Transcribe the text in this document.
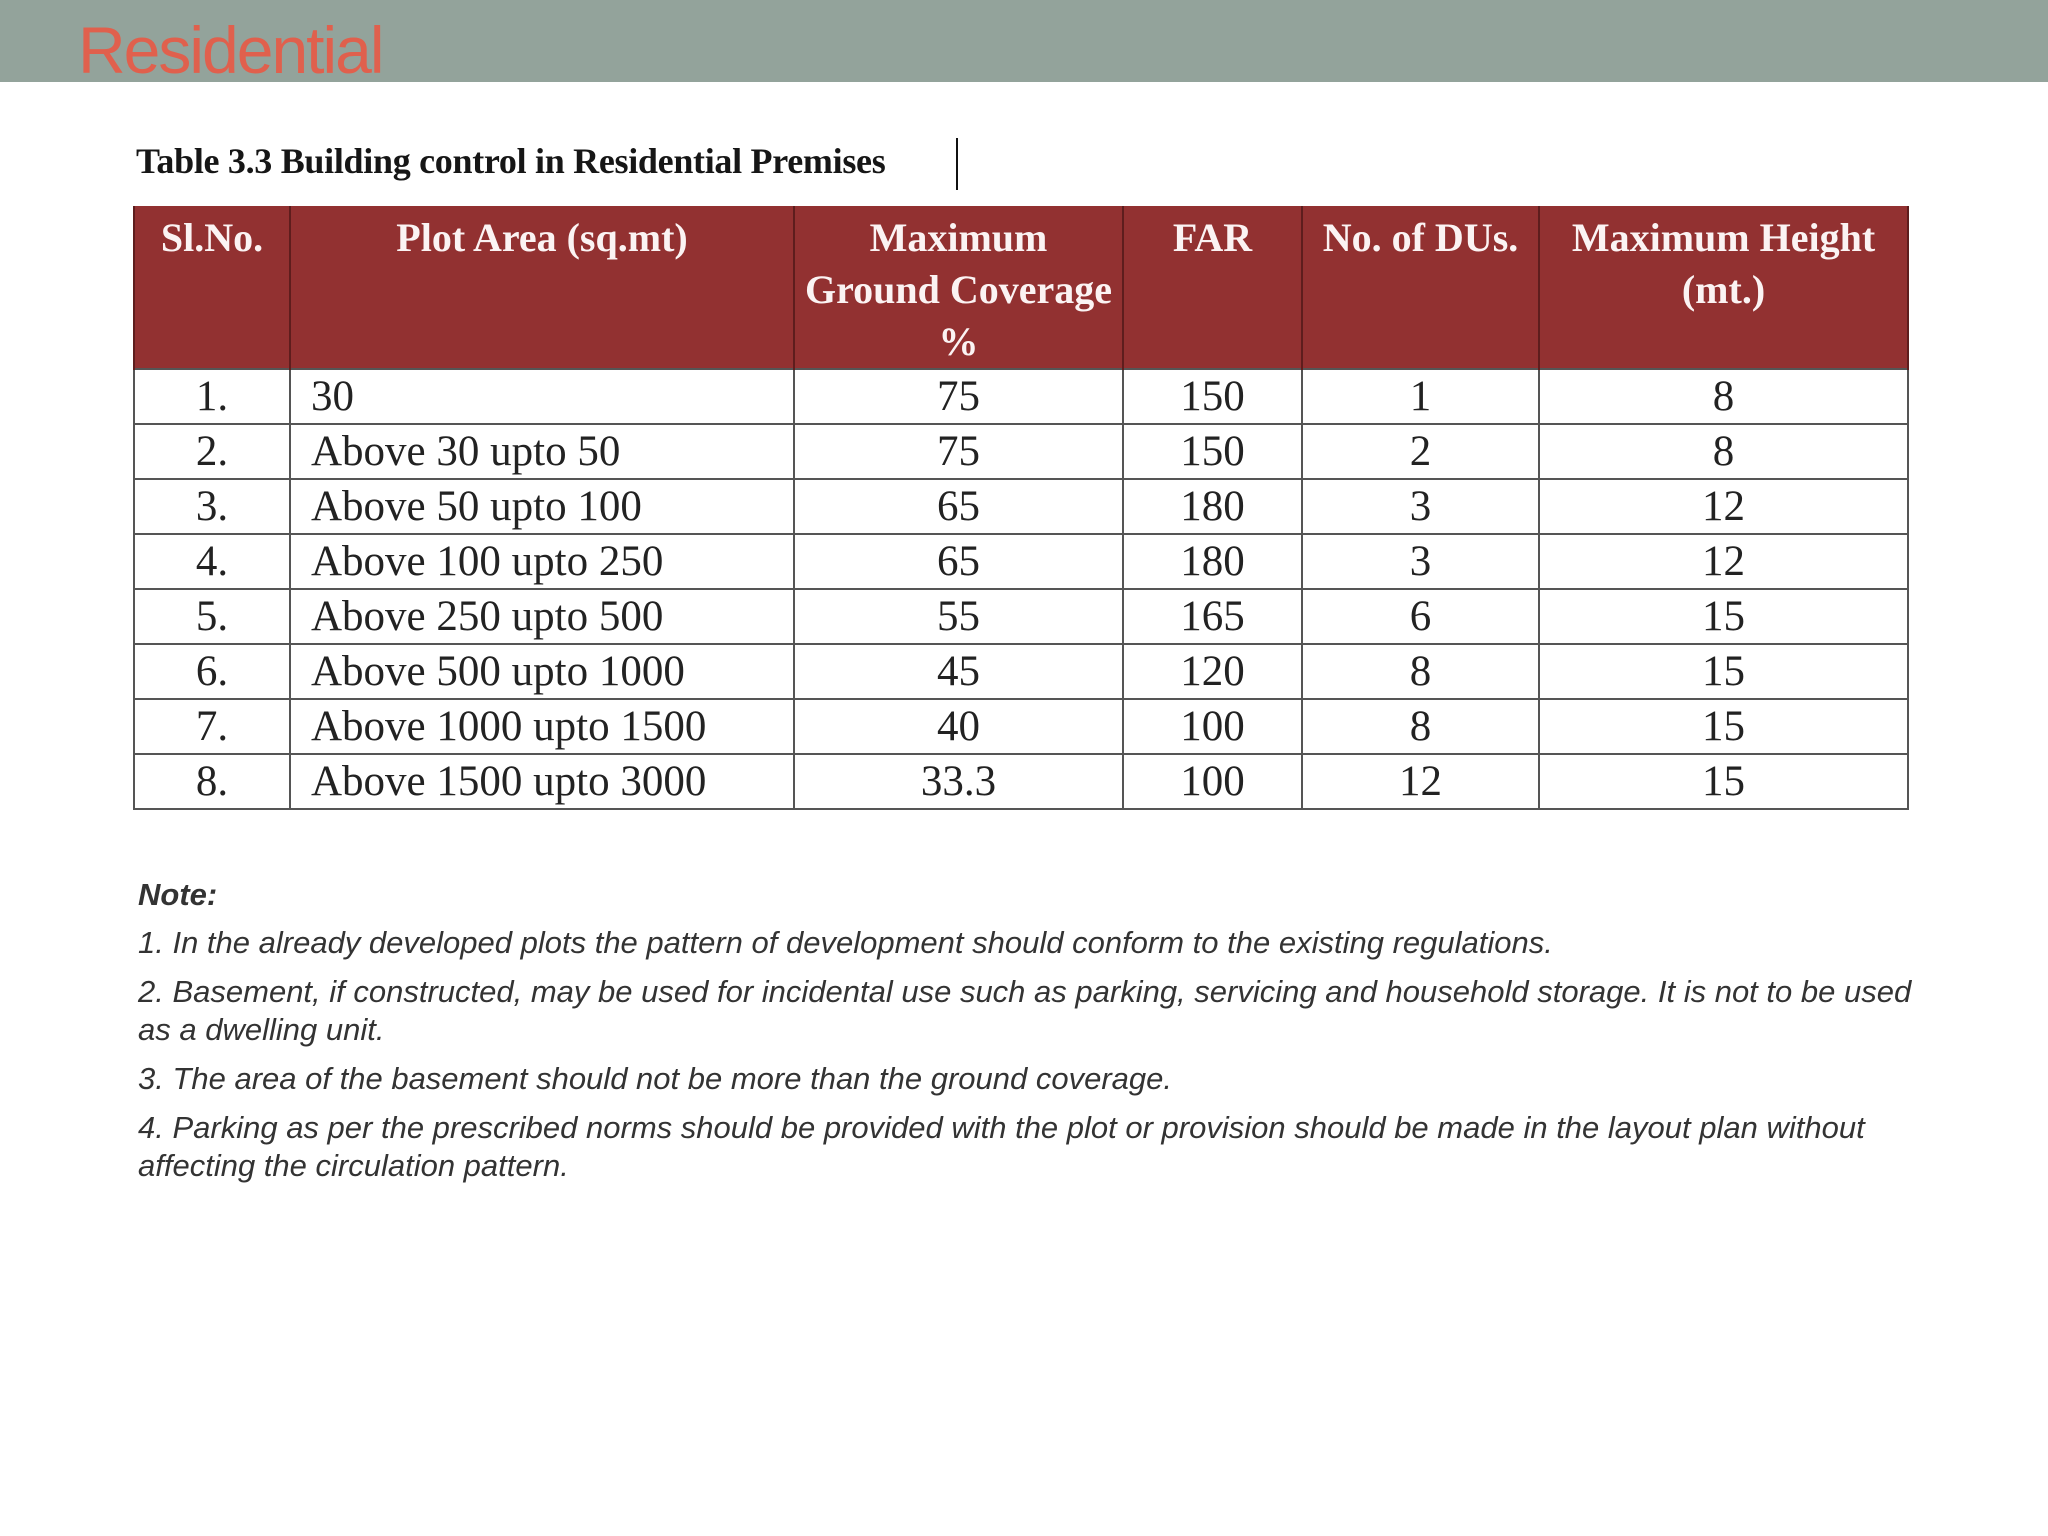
Residential
Table 3.3 Building control in Residential Premises
Sl.No.	Plot Area (sq.mt)	Maximum Ground Coverage %	FAR	No. of DUs.	Maximum Height (mt.)
1.	30	75	150	1	8
2.	Above 30 upto 50	75	150	2	8
3.	Above 50 upto 100	65	180	3	12
4.	Above 100 upto 250	65	180	3	12
5.	Above 250 upto 500	55	165	6	15
6.	Above 500 upto 1000	45	120	8	15
7.	Above 1000 upto 1500	40	100	8	15
8.	Above 1500 upto 3000	33.3	100	12	15
Note:
1. In the already developed plots the pattern of development should conform to the existing regulations.
2. Basement, if constructed, may be used for incidental use such as parking, servicing and household storage. It is not to be used as a dwelling unit.
3. The area of the basement should not be more than the ground coverage.
4. Parking as per the prescribed norms should be provided with the plot or provision should be made in the layout plan without affecting the circulation pattern.
